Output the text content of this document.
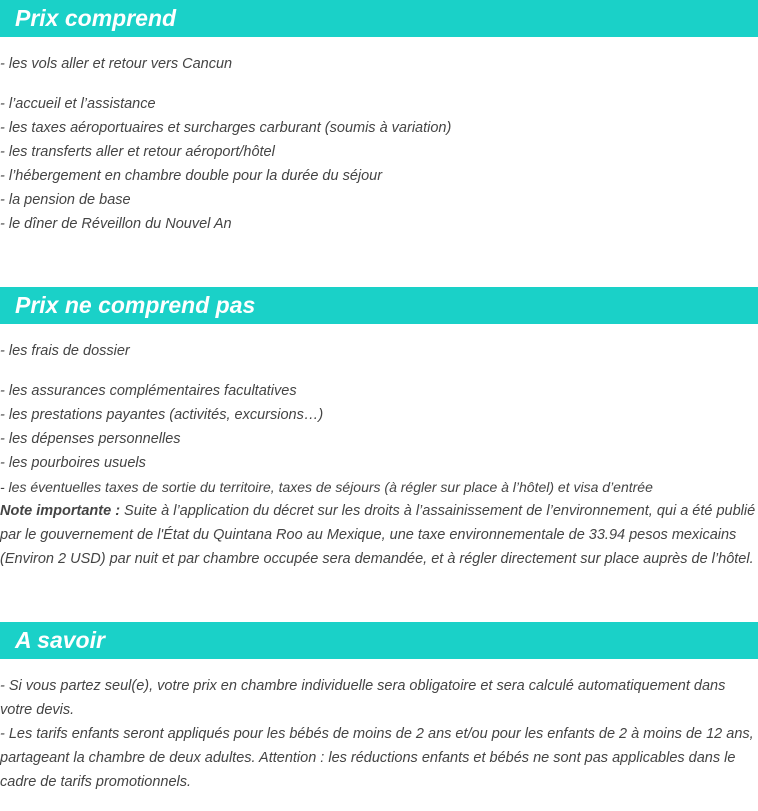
Prix comprend
- les vols aller et retour vers Cancun
- l’accueil et l’assistance
- les taxes aéroportuaires et surcharges carburant (soumis à variation)
- les transferts aller et retour aéroport/hôtel
- l’hébergement en chambre double pour la durée du séjour
- la pension de base
- le dîner de Réveillon du Nouvel An
Prix ne comprend pas
- les frais de dossier
- les assurances complémentaires facultatives
- les prestations payantes (activités, excursions…)
- les dépenses personnelles
- les pourboires usuels
- les éventuelles taxes de sortie du territoire, taxes de séjours (à régler sur place à l’hôtel) et visa d’entrée
Note importante : Suite à l’application du décret sur les droits à l’assainissement de l’environnement, qui a été publié par le gouvernement de l'État du Quintana Roo au Mexique, une taxe environnementale de 33.94 pesos mexicains (Environ 2 USD) par nuit et par chambre occupée sera demandée, et à régler directement sur place auprès de l’hôtel.
A savoir
- Si vous partez seul(e), votre prix en chambre individuelle sera obligatoire et sera calculé automatiquement dans votre devis.
- Les tarifs enfants seront appliqués pour les bébés de moins de 2 ans et/ou pour les enfants de 2 à moins de 12 ans, partageant la chambre de deux adultes. Attention : les réductions enfants et bébés ne sont pas applicables dans le cadre de tarifs promotionnels.
